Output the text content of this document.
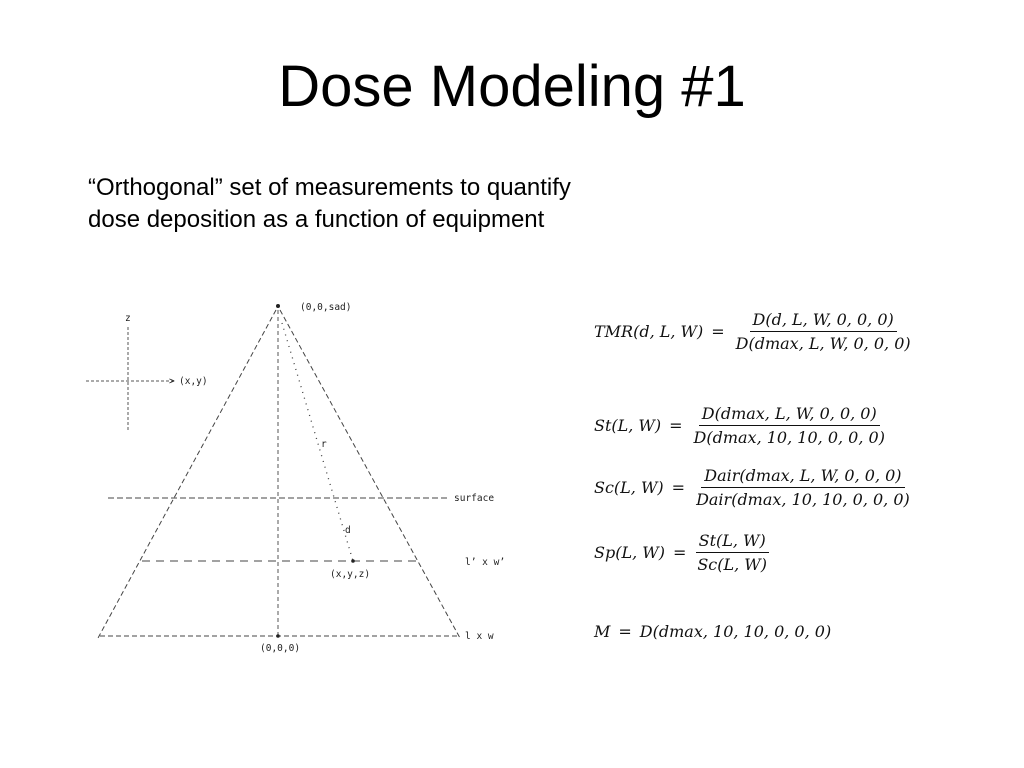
Dose Modeling #1
“Orthogonal” set of measurements to quantify
dose deposition as a function of equipment
(0,0,sad)
z
> (x,y)
r
d
surface
l’ x w’
(x,y,z)
l x w
(0,0,0)
TMR(d, L, $W) = \frac{D(d, L, W, 0, 0, 0)}{D(dmax, L, W, 0, 0, 0)}$
St(L, $W) = \frac{D(dmax, L, W, 0, 0, 0)}{D(dmax, 10, 10, 0, 0, 0)}$
Sc(L, $W) = \frac{\text{Dair(dmax, L, W, 0, 0, 0)}}{\text{Dair(dmax, 10, 10, 0, 0, 0)}}$
Sp(L, $W) = \frac{St(L, W)}{Sc(L, W)}$
M = D(dmax, 10, 10, 0, 0, 0)
